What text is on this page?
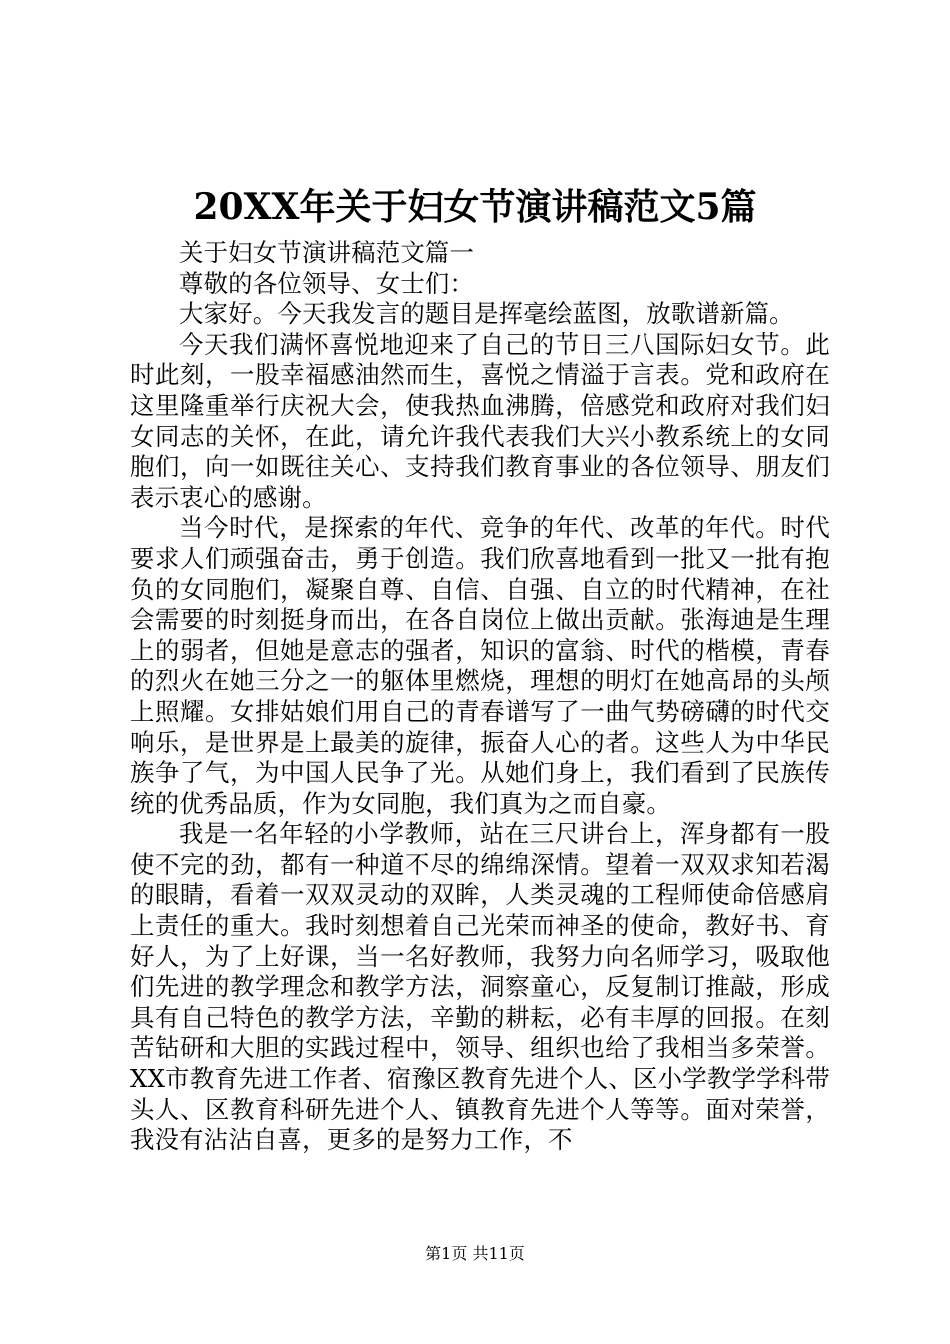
20XX年关于妇女节演讲稿范文5篇

关于妇女节演讲稿范文篇一

尊敬的各位领导、女士们：

大家好。今天我发言的题目是挥毫绘蓝图，放歌谱新篇。

今天我们满怀喜悦地迎来了自己的节日三八国际妇女节。此时此刻，一股幸福感油然而生，喜悦之情溢于言表。党和政府在这里隆重举行庆祝大会，使我热血沸腾，倍感党和政府对我们妇女同志的关怀，在此，请允许我代表我们大兴小教系统上的女同胞们，向一如既往关心、支持我们教育事业的各位领导、朋友们表示衷心的感谢。

当今时代，是探索的年代、竞争的年代、改革的年代。时代要求人们顽强奋击，勇于创造。我们欣喜地看到一批又一批有抱负的女同胞们，凝聚自尊、自信、自强、自立的时代精神，在社会需要的时刻挺身而出，在各自岗位上做出贡献。张海迪是生理上的弱者，但她是意志的强者，知识的富翁、时代的楷模，青春的烈火在她三分之一的躯体里燃烧，理想的明灯在她高昂的头颅上照耀。女排姑娘们用自己的青春谱写了一曲气势磅礴的时代交响乐，是世界是上最美的旋律，振奋人心的者。这些人为中华民族争了气，为中国人民争了光。从她们身上，我们看到了民族传统的优秀品质，作为女同胞，我们真为之而自豪。

我是一名年轻的小学教师，站在三尺讲台上，浑身都有一股使不完的劲，都有一种道不尽的绵绵深情。望着一双双求知若渴的眼睛，看着一双双灵动的双眸，人类灵魂的工程师使命倍感肩上责任的重大。我时刻想着自己光荣而神圣的使命，教好书、育好人，为了上好课，当一名好教师，我努力向名师学习，吸取他们先进的教学理念和教学方法，洞察童心，反复制订推敲，形成具有自己特色的教学方法，辛勤的耕耘，必有丰厚的回报。在刻苦钻研和大胆的实践过程中，领导、组织也给了我相当多荣誉。XX市教育先进工作者、宿豫区教育先进个人、区小学教学学科带头人、区教育科研先进个人、镇教育先进个人等等。面对荣誉，我没有沾沾自喜，更多的是努力工作，不

第1页 共11页
